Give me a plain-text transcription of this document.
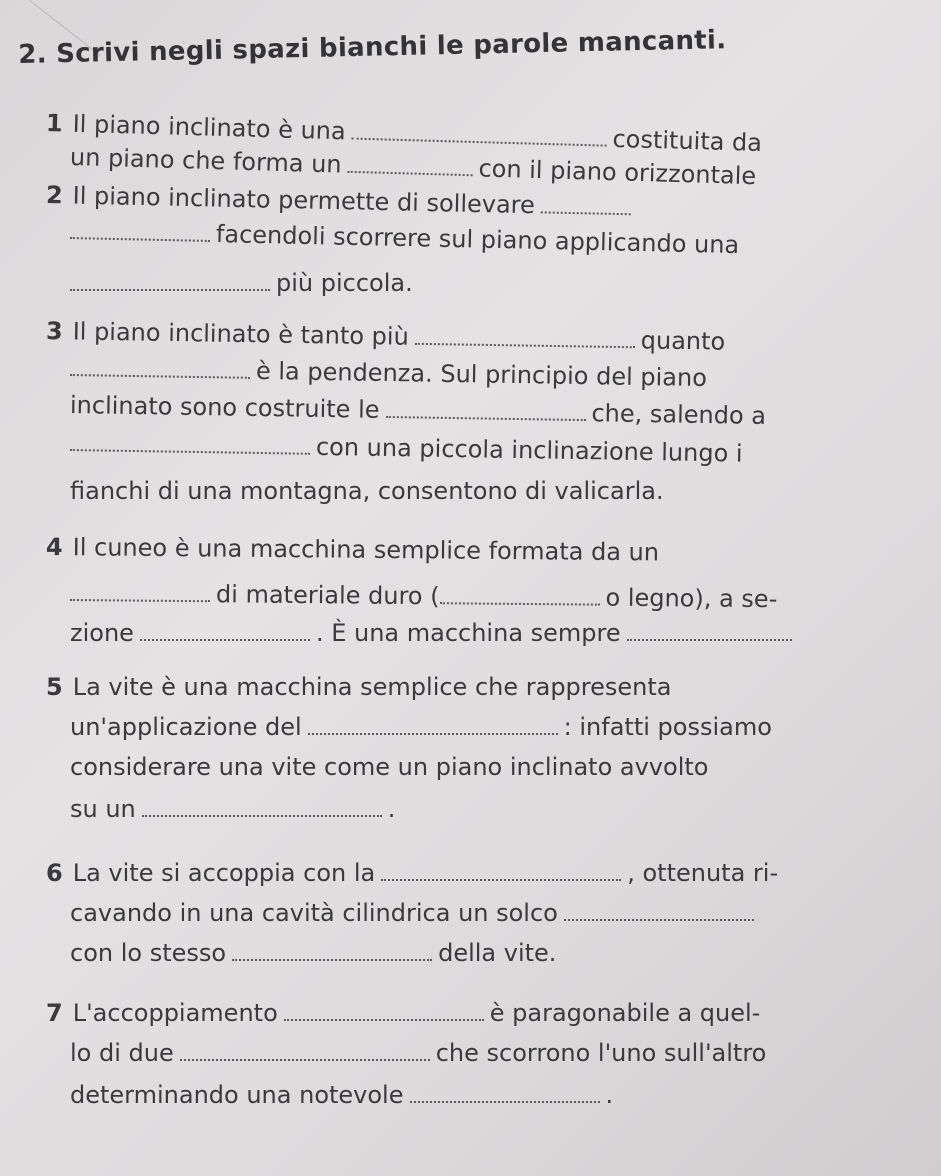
2. Scrivi negli spazi bianchi le parole mancanti.
1 Il piano inclinato è una	costituita da
un piano che forma un	con il piano orizzontale
2 Il piano inclinato permette di sollevare
facendoli scorrere sul piano applicando una
più piccola.
3 Il piano inclinato è tanto più	quanto
è la pendenza. Sul principio del piano
inclinato sono costruite le	che, salendo a
con una piccola inclinazione lungo i
fianchi di una montagna, consentono di valicarla.
4 Il cuneo è una macchina semplice formata da un
di materiale duro (	o legno), a se-
zione	. È una macchina sempre
5 La vite è una macchina semplice che rappresenta
un'applicazione del	: infatti possiamo
considerare una vite come un piano inclinato avvolto
su un	.
6 La vite si accoppia con la	, ottenuta ri-
cavando in una cavità cilindrica un solco
con lo stesso	della vite.
7 L'accoppiamento	è paragonabile a quel-
lo di due	che scorrono l'uno sull'altro
determinando una notevole	.
